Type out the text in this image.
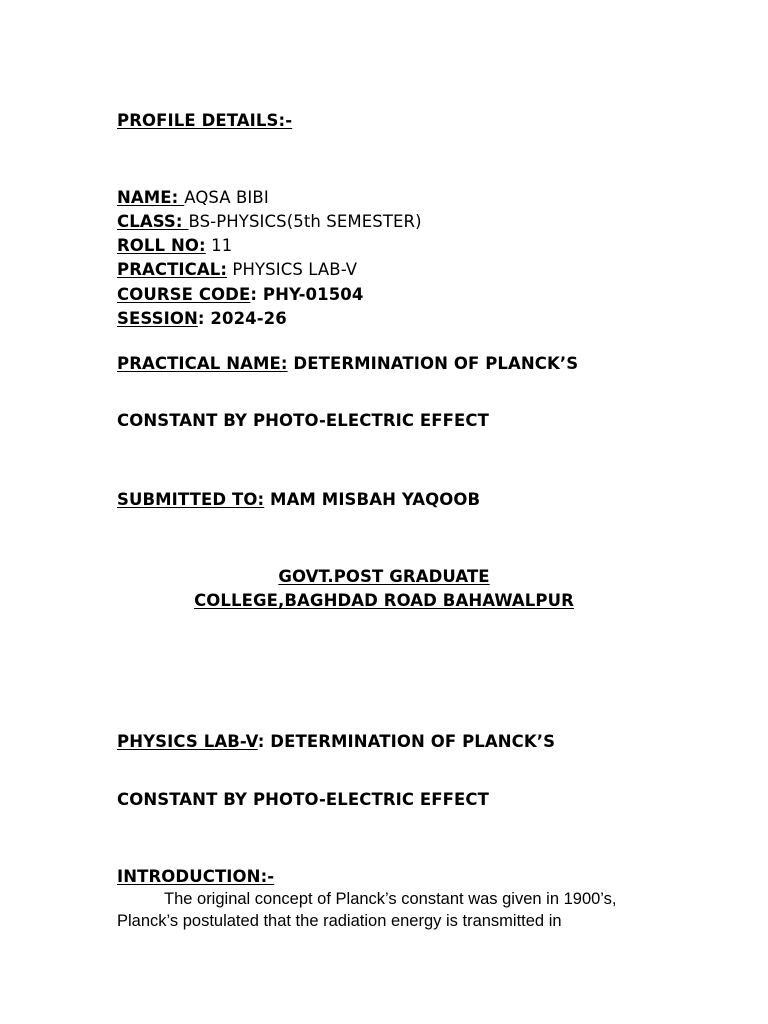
PROFILE DETAILS:-
NAME: AQSA BIBI
CLASS: BS-PHYSICS(5th SEMESTER)
ROLL NO: 11
PRACTICAL: PHYSICS LAB-V
COURSE CODE: PHY-01504
SESSION: 2024-26
PRACTICAL NAME: DETERMINATION OF PLANCK’S
CONSTANT BY PHOTO-ELECTRIC EFFECT
SUBMITTED TO: MAM MISBAH YAQOOB
GOVT.POST GRADUATE
COLLEGE,BAGHDAD ROAD BAHAWALPUR
PHYSICS LAB-V: DETERMINATION OF PLANCK’S
CONSTANT BY PHOTO-ELECTRIC EFFECT
INTRODUCTION:-
The original concept of Planck’s constant was given in 1900’s,
Planck’s postulated that the radiation energy is transmitted in
